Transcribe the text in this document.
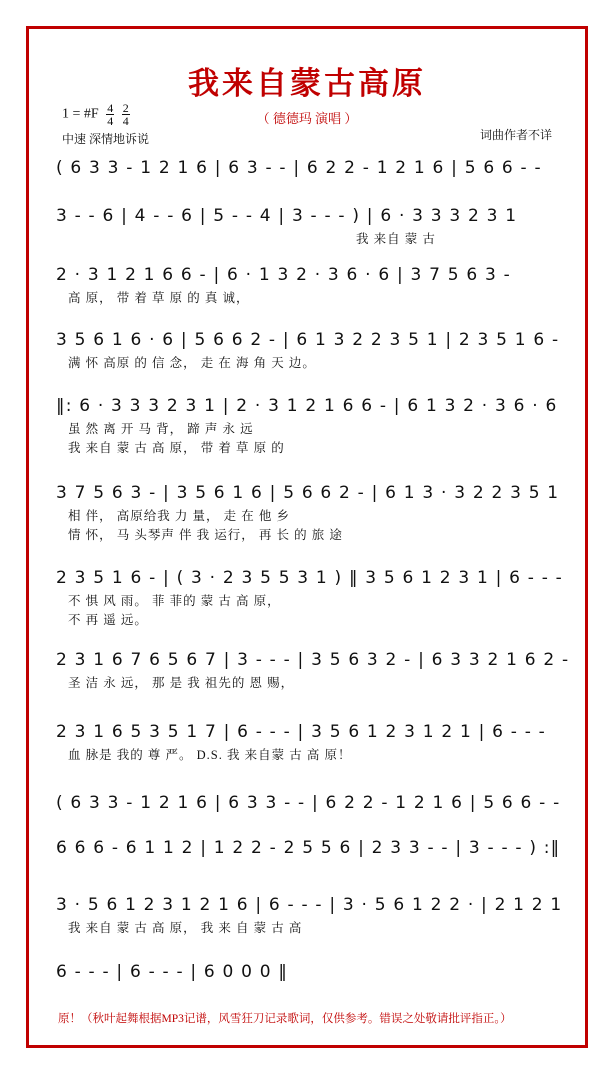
我来自蒙古高原
（ 德德玛 演唱 ）
1 = #F $\frac{4}{4}$
$\frac{2}{4}$
中速 深情地诉说	词曲作者不详
( 6 3 3 - 1 2 1 6 | 6 3 - - | 6 2 2 - 1 2 1 6 | 5 6 6 - -
3 - - 6 | 4 - - 6 | 5 - - 4 | 3 - - - ) | 6 · 3 3 3 2 3 1
我 来自 蒙 古
2 · 3 1 2 1 6 6 - | 6 · 1 3 2 · 3 6 · 6 | 3 7 5 6 3 -
高 原， 带 着 草 原 的 真 诚，
3 5 6 1 6 · 6 | 5 6 6 2 - | 6 1 3 2 2 3 5 1 | 2 3 5 1 6 -
满 怀 高原 的 信 念， 走 在 海 角 天 边。
‖: 6 · 3 3 3 2 3 1 | 2 · 3 1 2 1 6 6 - | 6 1 3 2 · 3 6 · 6
虽 然 离 开 马 背， 蹄 声 永 远
我 来自 蒙 古 高 原， 带 着 草 原 的
3 7 5 6 3 - | 3 5 6 1 6 | 5 6 6 2 - | 6 1 3 · 3 2 2 3 5 1
相 伴， 高原给我 力 量， 走 在 他 乡
情 怀， 马 头琴声 伴 我 运行， 再 长 的 旅 途
2 3 5 1 6 - | ( 3 · 2 3 5 5 3 1 ) ‖ 3 5 6 1 2 3 1 | 6 - - -
不 惧 风 雨。 菲 菲的 蒙 古 高 原，
不 再 遥 远。
2 3 1 6 7 6 5 6 7 | 3 - - - | 3 5 6 3 2 - | 6 3 3 2 1 6 2 -
圣 洁 永 远， 那 是 我 祖先的 恩 赐，
2 3 1 6 5 3 5 1 7 | 6 - - - | 3 5 6 1 2 3 1 2 1 | 6 - - -
血 脉是 我的 尊 严。 D.S. 我 来自蒙 古 高 原！
( 6 3 3 - 1 2 1 6 | 6 3 3 - - | 6 2 2 - 1 2 1 6 | 5 6 6 - -
6 6 6 - 6 1 1 2 | 1 2 2 - 2 5 5 6 | 2 3 3 - - | 3 - - - ) :‖
3 · 5 6 1 2 3 1 2 1 6 | 6 - - - | 3 · 5 6 1 2 2 · | 2 1 2 1
我 来自 蒙 古 高 原， 我 来 自 蒙 古 高
6 - - - | 6 - - - | 6 0 0 0 ‖
原！（秋叶起舞根据MP3记谱，风雪狂刀记录歌词，仅供参考。错误之处敬请批评指正。）
